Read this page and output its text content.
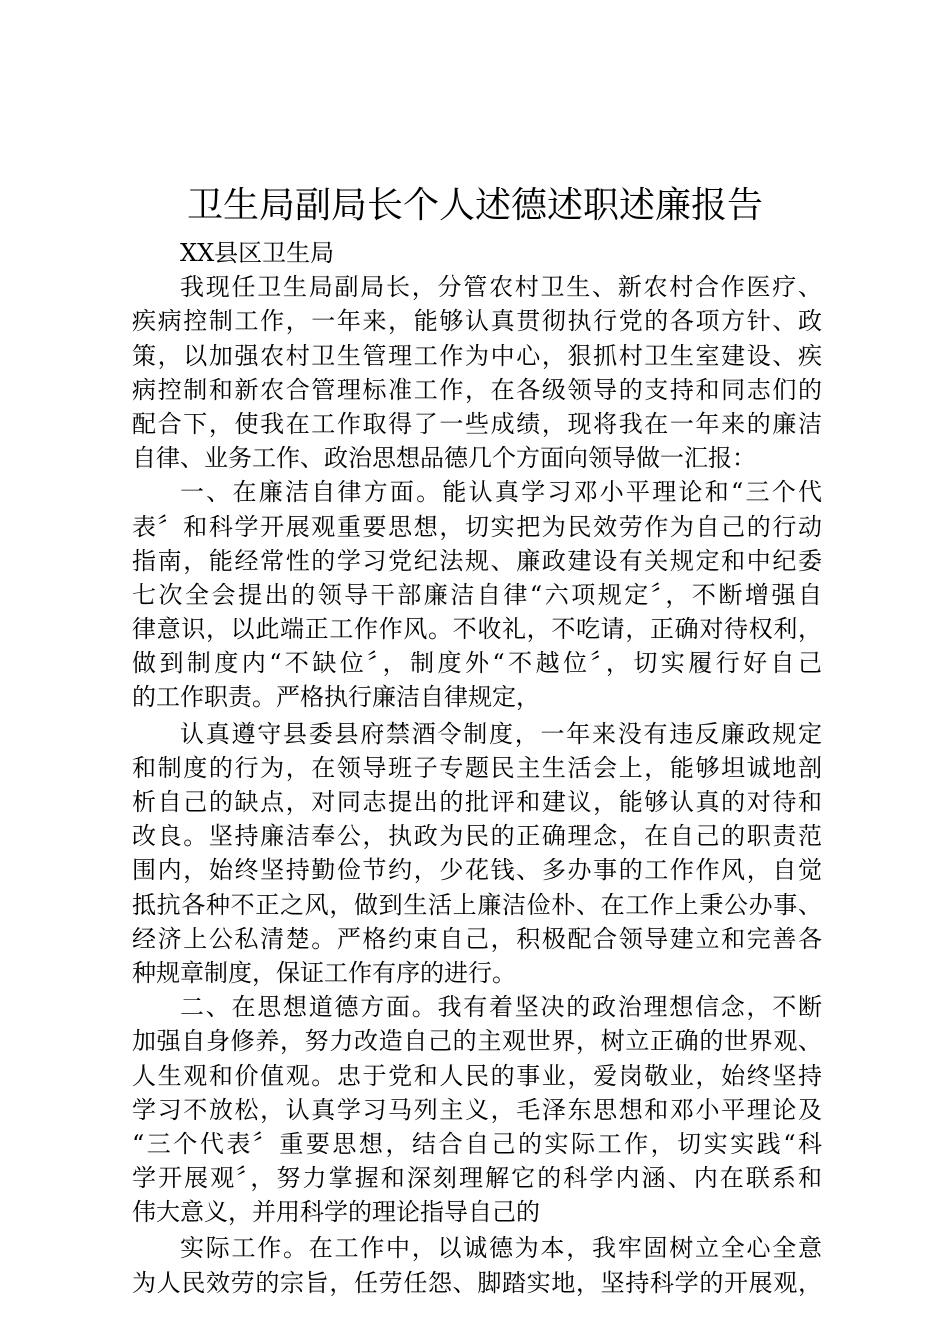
卫生局副局长个人述德述职述廉报告
XX县区卫生局
我现任卫生局副局长，分管农村卫生、新农村合作医疗、
疾病控制工作，一年来，能够认真贯彻执行党的各项方针、政
策，以加强农村卫生管理工作为中心，狠抓村卫生室建设、疾
病控制和新农合管理标准工作，在各级领导的支持和同志们的
配合下，使我在工作取得了一些成绩，现将我在一年来的廉洁
自律、业务工作、政治思想品德几个方面向领导做一汇报：
一、在廉洁自律方面。能认真学习邓小平理论和“三个代
表〞和科学开展观重要思想，切实把为民效劳作为自己的行动
指南，能经常性的学习党纪法规、廉政建设有关规定和中纪委
七次全会提出的领导干部廉洁自律“六项规定〞，不断增强自
律意识，以此端正工作作风。不收礼，不吃请，正确对待权利，
做到制度内“不缺位〞，制度外“不越位〞，切实履行好自己
的工作职责。严格执行廉洁自律规定，
认真遵守县委县府禁酒令制度，一年来没有违反廉政规定
和制度的行为，在领导班子专题民主生活会上，能够坦诚地剖
析自己的缺点，对同志提出的批评和建议，能够认真的对待和
改良。坚持廉洁奉公，执政为民的正确理念，在自己的职责范
围内，始终坚持勤俭节约，少花钱、多办事的工作作风，自觉
抵抗各种不正之风，做到生活上廉洁俭朴、在工作上秉公办事、
经济上公私清楚。严格约束自己，积极配合领导建立和完善各
种规章制度，保证工作有序的进行。
二、在思想道德方面。我有着坚决的政治理想信念，不断
加强自身修养，努力改造自己的主观世界，树立正确的世界观、
人生观和价值观。忠于党和人民的事业，爱岗敬业，始终坚持
学习不放松，认真学习马列主义，毛泽东思想和邓小平理论及
“三个代表〞重要思想，结合自己的实际工作，切实实践“科
学开展观〞，努力掌握和深刻理解它的科学内涵、内在联系和
伟大意义，并用科学的理论指导自己的
实际工作。在工作中，以诚德为本，我牢固树立全心全意
为人民效劳的宗旨，任劳任怨、脚踏实地，坚持科学的开展观，
